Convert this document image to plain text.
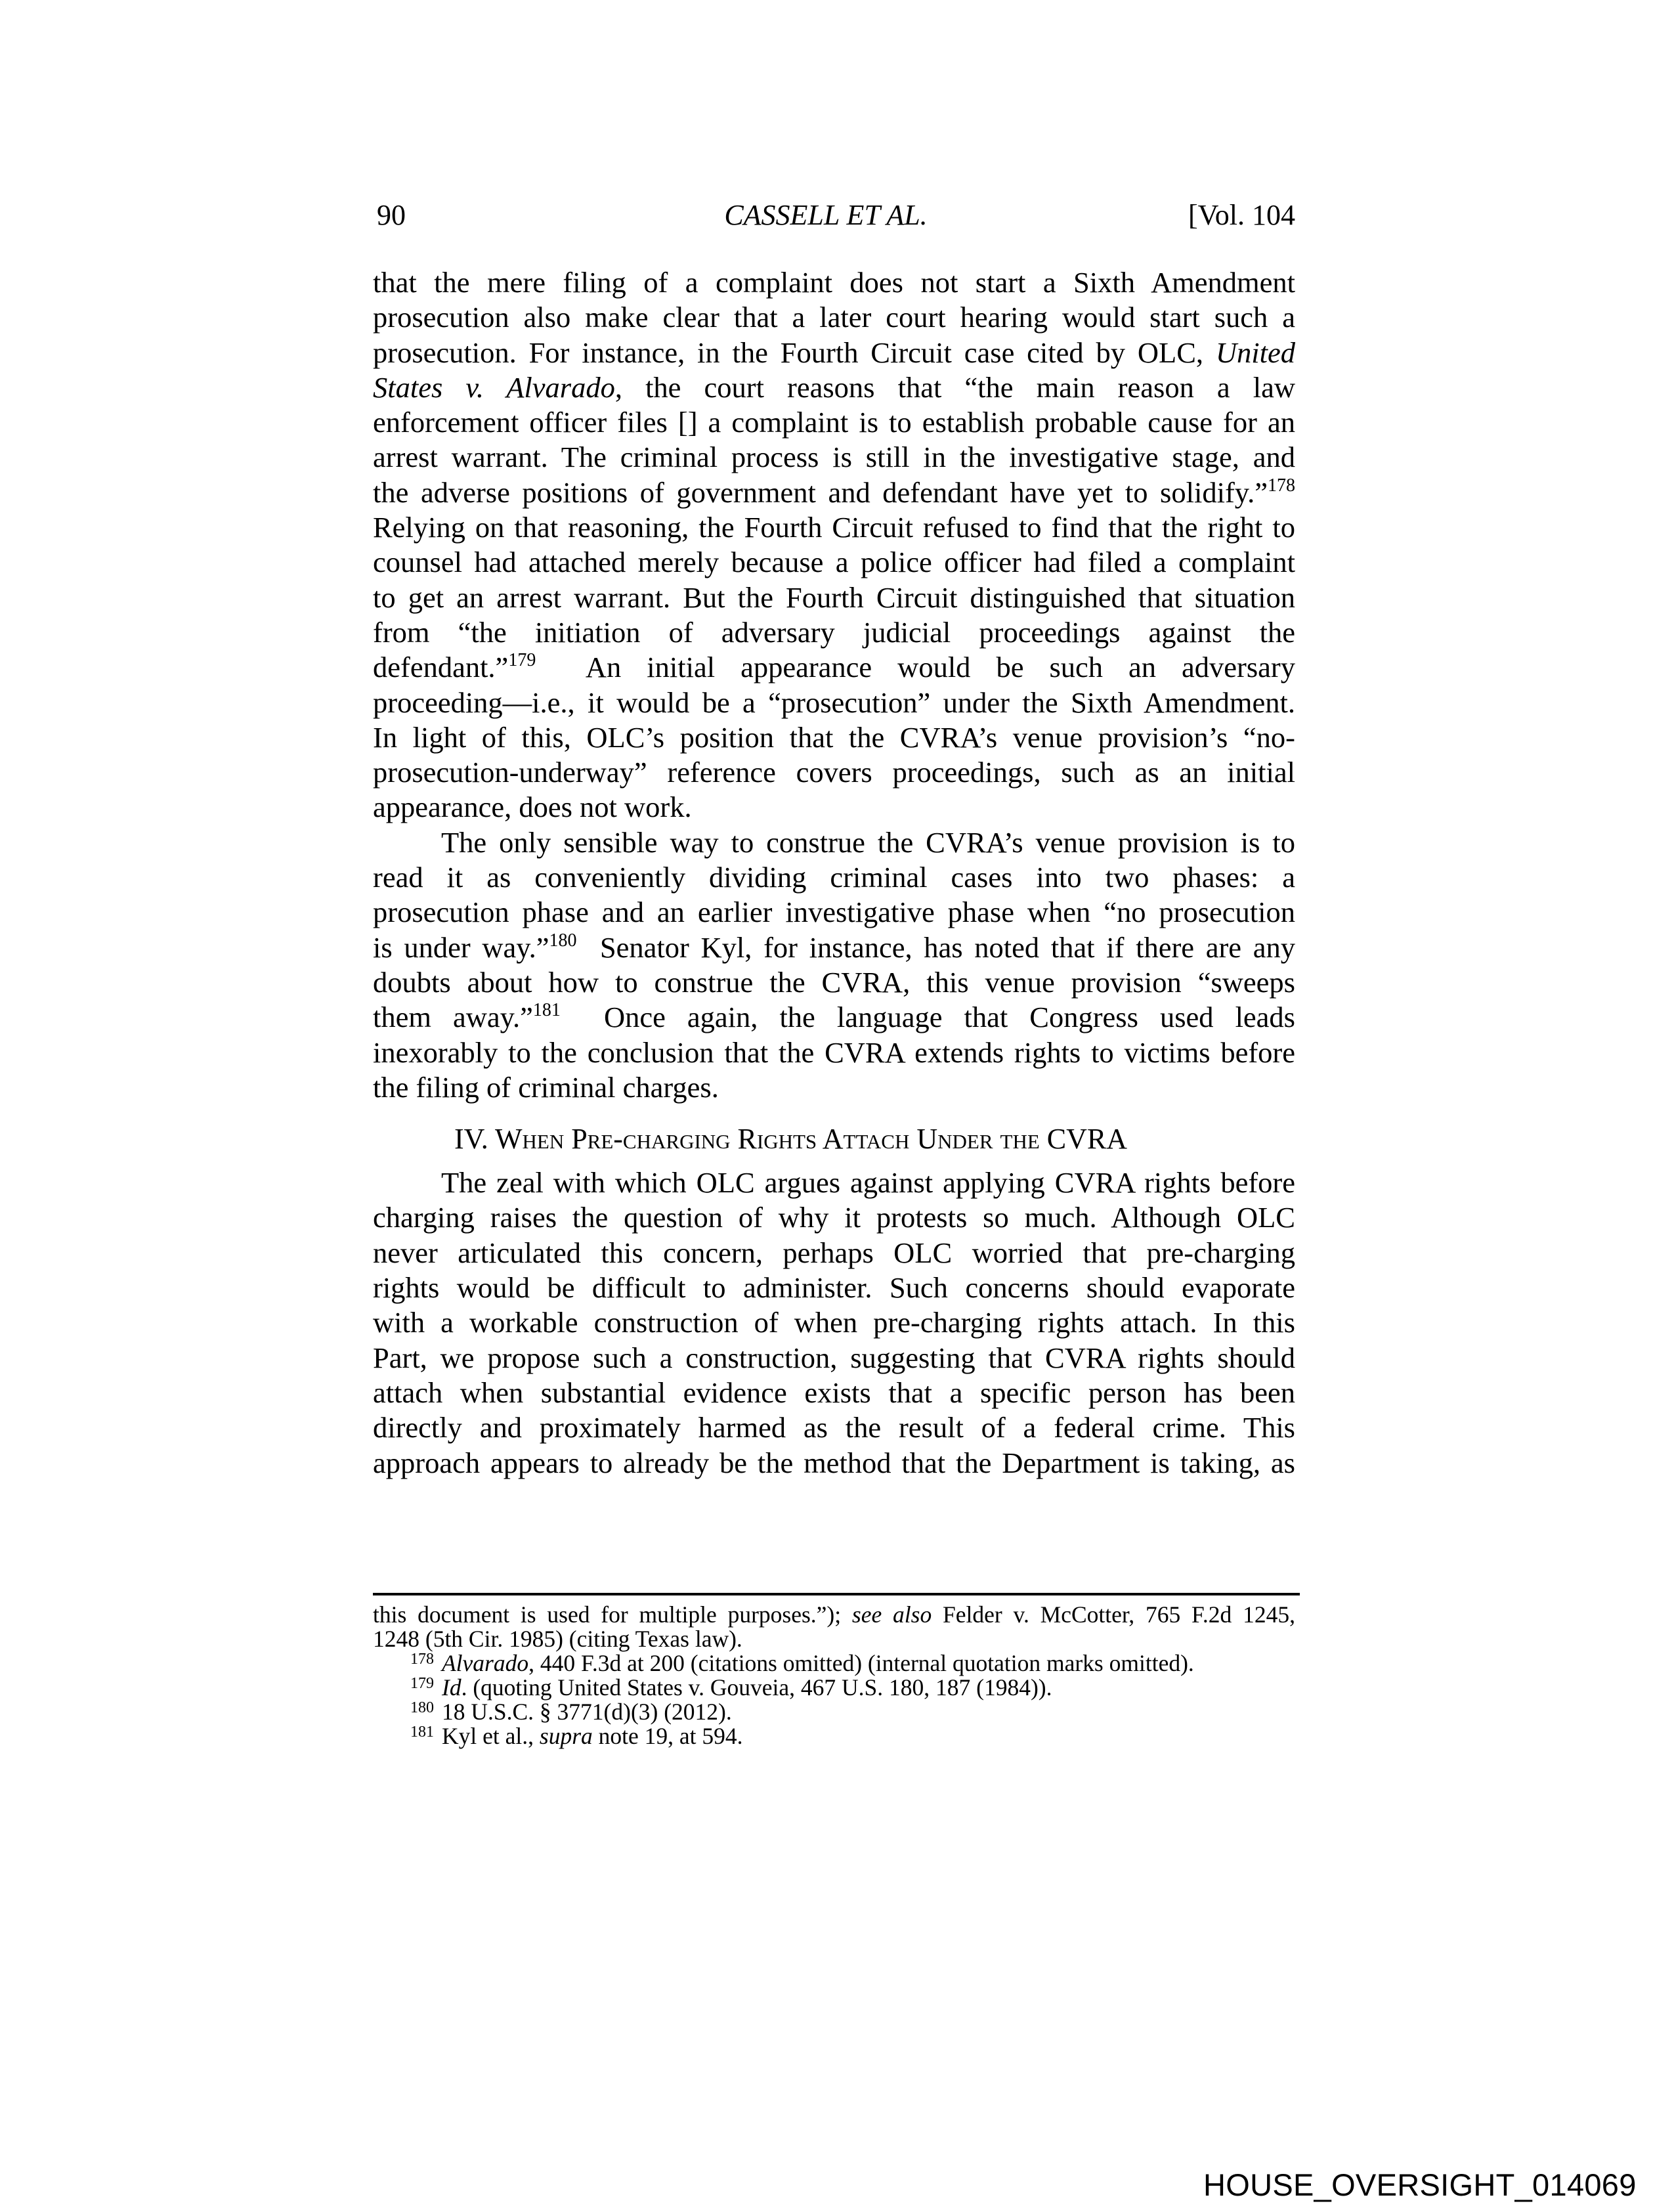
90	CASSELL ET AL.	[Vol. 104
that the mere filing of a complaint does not start a Sixth Amendment
prosecution also make clear that a later court hearing would start such a
prosecution. For instance, in the Fourth Circuit case cited by OLC, United
States v. Alvarado, the court reasons that “the main reason a law
enforcement officer files [] a complaint is to establish probable cause for an
arrest warrant. The criminal process is still in the investigative stage, and
the adverse positions of government and defendant have yet to solidify.”$^{178}$
Relying on that reasoning, the Fourth Circuit refused to find that the right to
counsel had attached merely because a police officer had filed a complaint
to get an arrest warrant. But the Fourth Circuit distinguished that situation
from “the initiation of adversary judicial proceedings against the
defendant.”$^{179}$  An initial appearance would be such an adversary
proceeding—i.e., it would be a “prosecution” under the Sixth Amendment.
In light of this, OLC’s position that the CVRA’s venue provision’s “no-
prosecution-underway” reference covers proceedings, such as an initial
appearance, does not work.
The only sensible way to construe the CVRA’s venue provision is to
read it as conveniently dividing criminal cases into two phases: a
prosecution phase and an earlier investigative phase when “no prosecution
is under way.”$^{180}$  Senator Kyl, for instance, has noted that if there are any
doubts about how to construe the CVRA, this venue provision “sweeps
them away.”$^{181}$  Once again, the language that Congress used leads
inexorably to the conclusion that the CVRA extends rights to victims before
the filing of criminal charges.
IV. When Pre-charging Rights Attach Under the CVRA
The zeal with which OLC argues against applying CVRA rights before
charging raises the question of why it protests so much. Although OLC
never articulated this concern, perhaps OLC worried that pre-charging
rights would be difficult to administer. Such concerns should evaporate
with a workable construction of when pre-charging rights attach. In this
Part, we propose such a construction, suggesting that CVRA rights should
attach when substantial evidence exists that a specific person has been
directly and proximately harmed as the result of a federal crime. This
approach appears to already be the method that the Department is taking, as
this document is used for multiple purposes.”); see also Felder v. McCotter, 765 F.2d 1245,
1248 (5th Cir. 1985) (citing Texas law).
$^{178}$ Alvarado, 440 F.3d at 200 (citations omitted) (internal quotation marks omitted).
$^{179}$ Id. (quoting United States v. Gouveia, 467 U.S. 180, 187 (1984)).
$^{180}$ 18 U.S.C. § 3771(d)(3) (2012).
$^{181}$ Kyl et al., supra note 19, at 594.
HOUSE_OVERSIGHT_014069
